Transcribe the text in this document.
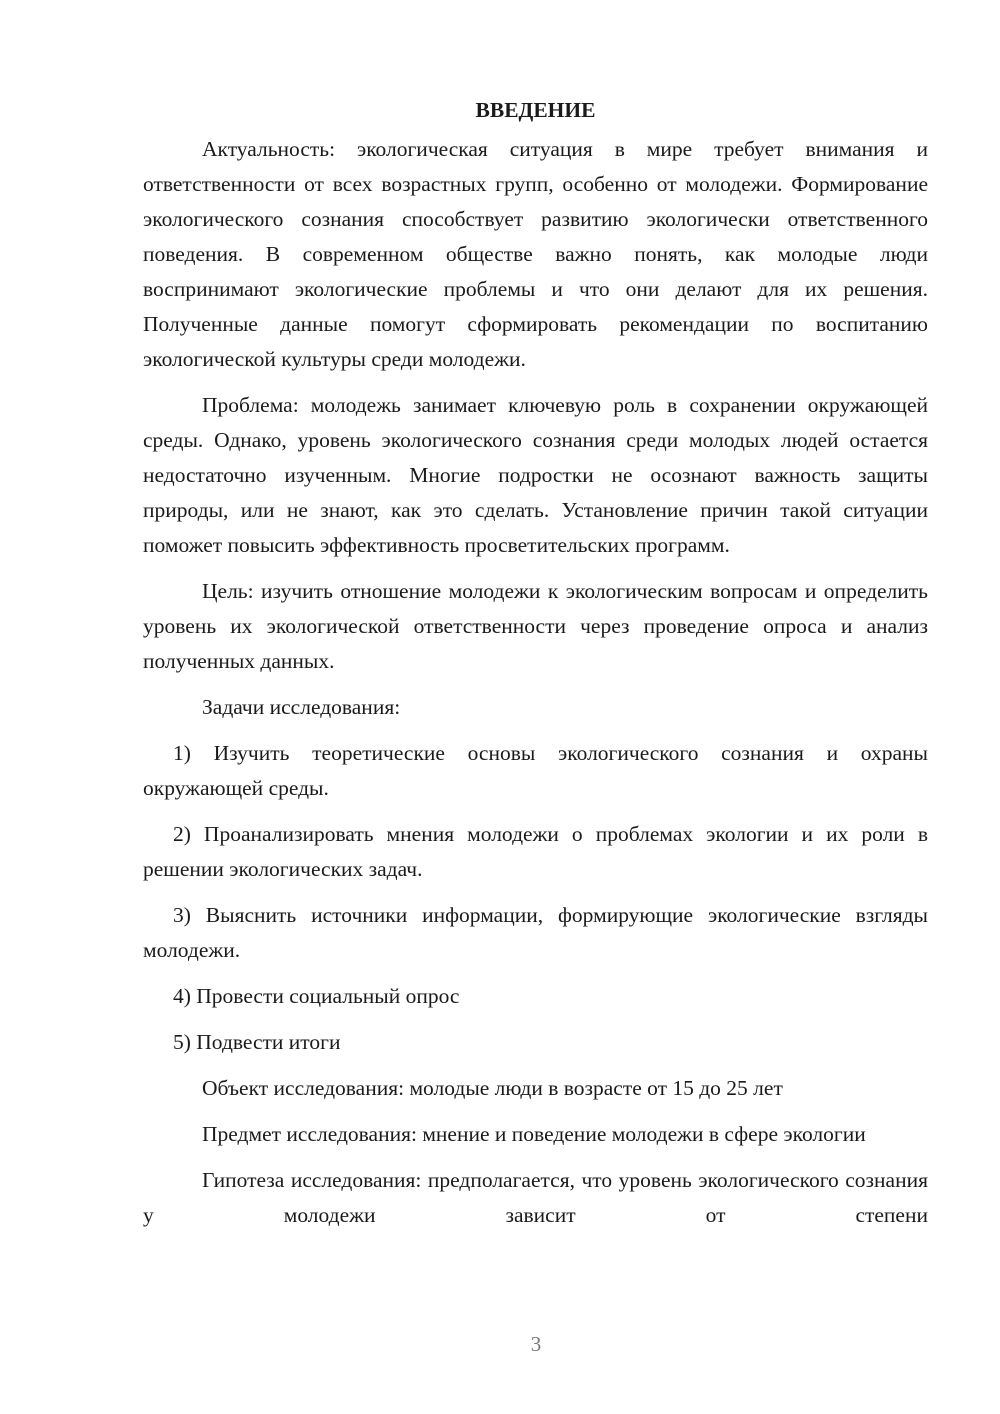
ВВЕДЕНИЕ

Актуальность: экологическая ситуация в мире требует внимания и ответственности от всех возрастных групп, особенно от молодежи. Формирование экологического сознания способствует развитию экологически ответственного поведения. В современном обществе важно понять, как молодые люди воспринимают экологические проблемы и что они делают для их решения. Полученные данные помогут сформировать рекомендации по воспитанию экологической культуры среди молодежи.

Проблема: молодежь занимает ключевую роль в сохранении окружающей среды. Однако, уровень экологического сознания среди молодых людей остается недостаточно изученным. Многие подростки не осознают важность защиты природы, или не знают, как это сделать. Установление причин такой ситуации поможет повысить эффективность просветительских программ.

Цель: изучить отношение молодежи к экологическим вопросам и определить уровень их экологической ответственности через проведение опроса и анализ полученных данных.

Задачи исследования:

1) Изучить теоретические основы экологического сознания и охраны окружающей среды.

2) Проанализировать мнения молодежи о проблемах экологии и их роли в решении экологических задач.

3) Выяснить источники информации, формирующие экологические взгляды молодежи.

4) Провести социальный опрос

5) Подвести итоги

Объект исследования: молодые люди в возрасте от 15 до 25 лет

Предмет исследования: мнение и поведение молодежи в сфере экологии

Гипотеза исследования: предполагается, что уровень экологического сознания у молодежи зависит от степени

3
